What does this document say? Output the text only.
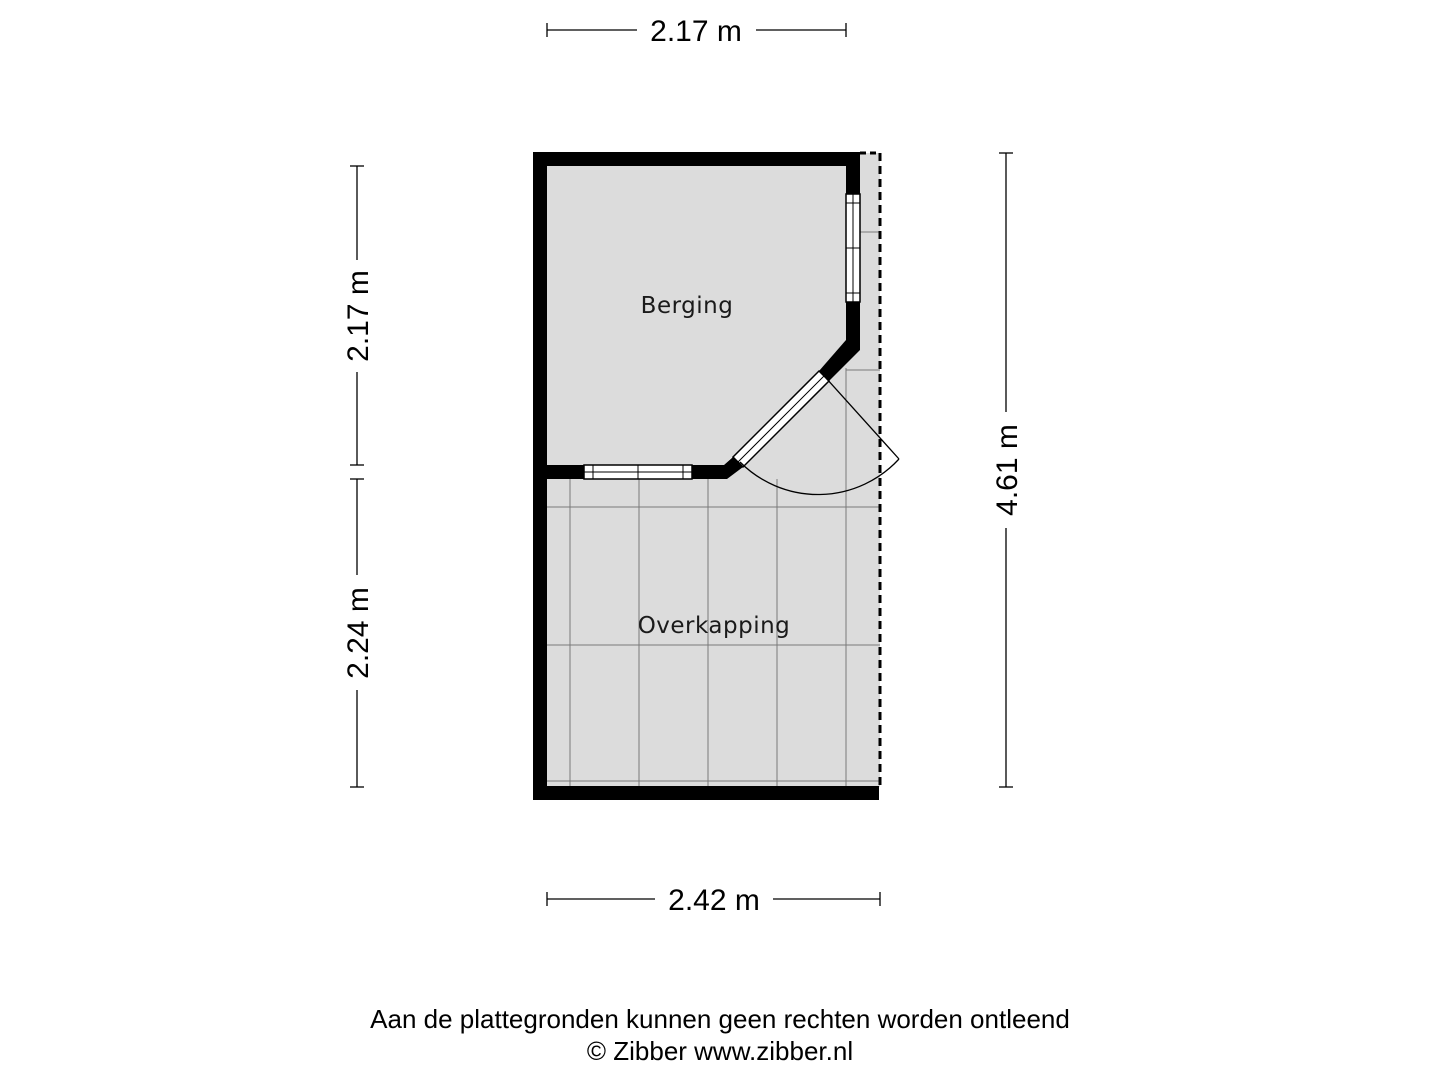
2.17 m
2.42 m
2.17 m
2.24 m
4.61 m
Berging
Overkapping
Aan de plattegronden kunnen geen rechten worden ontleend
© Zibber www.zibber.nl
